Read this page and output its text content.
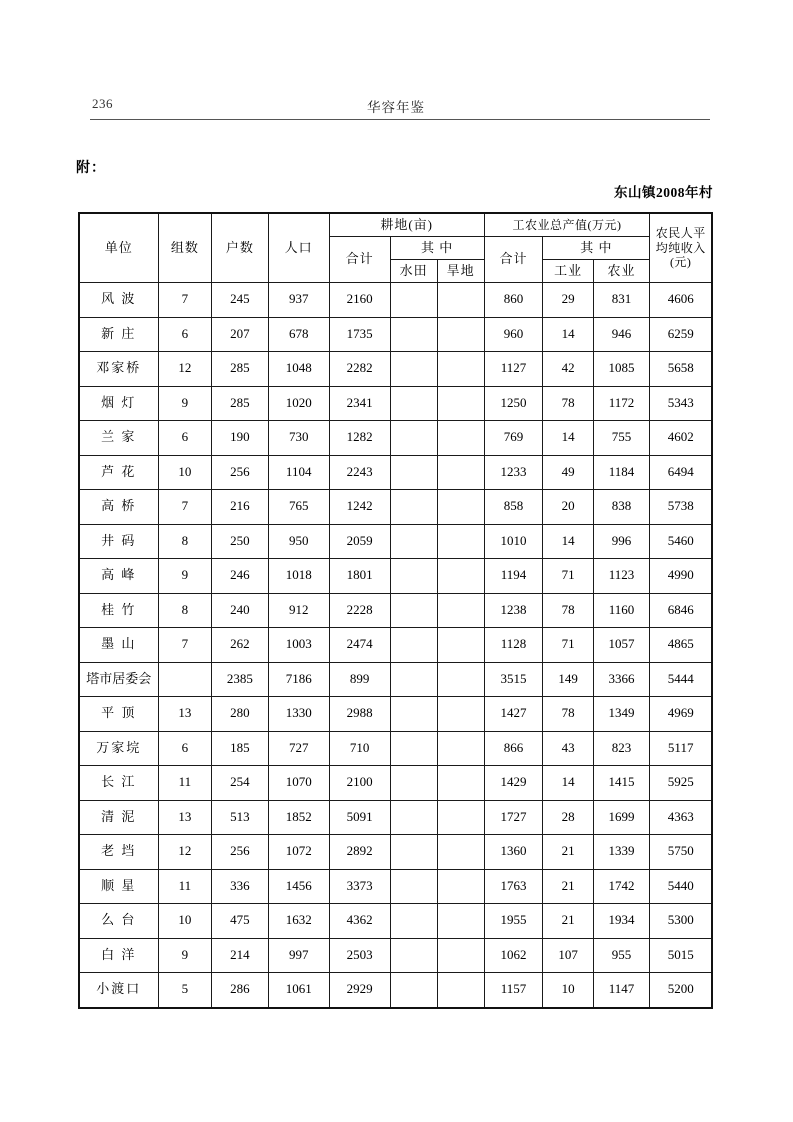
236	华容年鉴
附：
东山镇2008年村
单位	组数	户数	人口	耕地(亩)			工农业总产值(万元)			农民人平均纯收入(元)

				合计	其 中		合计	其 中		
					水田	旱地		工业	农业	
风 波	7	245	937	2160			860	29	831	4606
新 庄	6	207	678	1735			960	14	946	6259
邓家桥	12	285	1048	2282			1127	42	1085	5658
烟 灯	9	285	1020	2341			1250	78	1172	5343
兰 家	6	190	730	1282			769	14	755	4602
芦 花	10	256	1104	2243			1233	49	1184	6494
高 桥	7	216	765	1242			858	20	838	5738
井 码	8	250	950	2059			1010	14	996	5460
高 峰	9	246	1018	1801			1194	71	1123	4990
桂 竹	8	240	912	2228			1238	78	1160	6846
墨 山	7	262	1003	2474			1128	71	1057	4865
塔市居委会		2385	7186	899			3515	149	3366	5444
平 顶	13	280	1330	2988			1427	78	1349	4969
万家垸	6	185	727	710			866	43	823	5117
长 江	11	254	1070	2100			1429	14	1415	5925
清 泥	13	513	1852	5091			1727	28	1699	4363
老 垱	12	256	1072	2892			1360	21	1339	5750
顺 星	11	336	1456	3373			1763	21	1742	5440
么 台	10	475	1632	4362			1955	21	1934	5300
白 洋	9	214	997	2503			1062	107	955	5015
小渡口	5	286	1061	2929			1157	10	1147	5200
